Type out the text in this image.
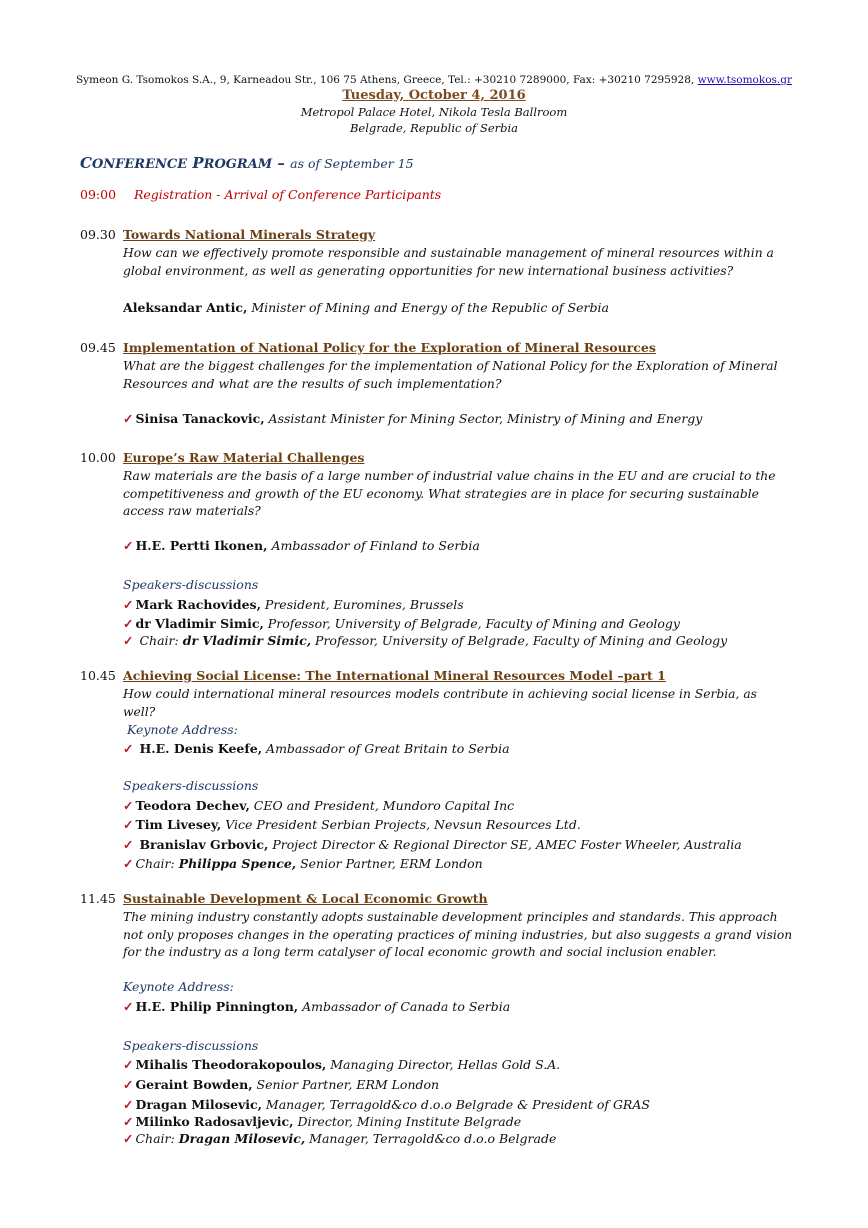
Symeon G. Tsomokos S.A., 9, Karneadou Str., 106 75 Athens, Greece, Tel.: +30210 7289000, Fax: +30210 7295928, www.tsomokos.gr
Tuesday, October 4, 2016
Metropol Palace Hotel, Nikola Tesla Ballroom
Belgrade, Republic of Serbia
CONFERENCE PROGRAM – as of September 15
09:00 Registration - Arrival of Conference Participants
09.30 Towards National Minerals Strategy
How can we effectively promote responsible and sustainable management of mineral resources within a global environment, as well as generating opportunities for new international business activities?
Aleksandar Antic, Minister of Mining and Energy of the Republic of Serbia
09.45 Implementation of National Policy for the Exploration of Mineral Resources
What are the biggest challenges for the implementation of National Policy for the Exploration of Mineral Resources and what are the results of such implementation?
✓ Sinisa Tanackovic, Assistant Minister for Mining Sector, Ministry of Mining and Energy
10.00 Europe’s Raw Material Challenges
Raw materials are the basis of a large number of industrial value chains in the EU and are crucial to the competitiveness and growth of the EU economy. What strategies are in place for securing sustainable access raw materials?
✓ H.E. Pertti Ikonen, Ambassador of Finland to Serbia
Speakers-discussions
✓ Mark Rachovides, President, Euromines, Brussels
✓ dr Vladimir Simic, Professor, University of Belgrade, Faculty of Mining and Geology
✓ Chair: dr Vladimir Simic, Professor, University of Belgrade, Faculty of Mining and Geology
10.45 Achieving Social License: The International Mineral Resources Model –part 1
How could international mineral resources models contribute in achieving social license in Serbia, as well?
Keynote Address:
✓ H.E. Denis Keefe, Ambassador of Great Britain to Serbia
Speakers-discussions
✓ Teodora Dechev, CEO and President, Mundoro Capital Inc
✓ Tim Livesey, Vice President Serbian Projects, Nevsun Resources Ltd.
✓ Branislav Grbovic, Project Director & Regional Director SE, AMEC Foster Wheeler, Australia
✓ Chair: Philippa Spence, Senior Partner, ERM London
11.45 Sustainable Development & Local Economic Growth
The mining industry constantly adopts sustainable development principles and standards. This approach not only proposes changes in the operating practices of mining industries, but also suggests a grand vision for the industry as a long term catalyser of local economic growth and social inclusion enabler.
Keynote Address:
✓ H.E. Philip Pinnington, Ambassador of Canada to Serbia
Speakers-discussions
✓ Mihalis Theodorakopoulos, Managing Director, Hellas Gold S.A.
✓ Geraint Bowden, Senior Partner, ERM London
✓ Dragan Milosevic, Manager, Terragold&co d.o.o Belgrade & President of GRAS
✓ Milinko Radosavljevic, Director, Mining Institute Belgrade
✓ Chair: Dragan Milosevic, Manager, Terragold&co d.o.o Belgrade
